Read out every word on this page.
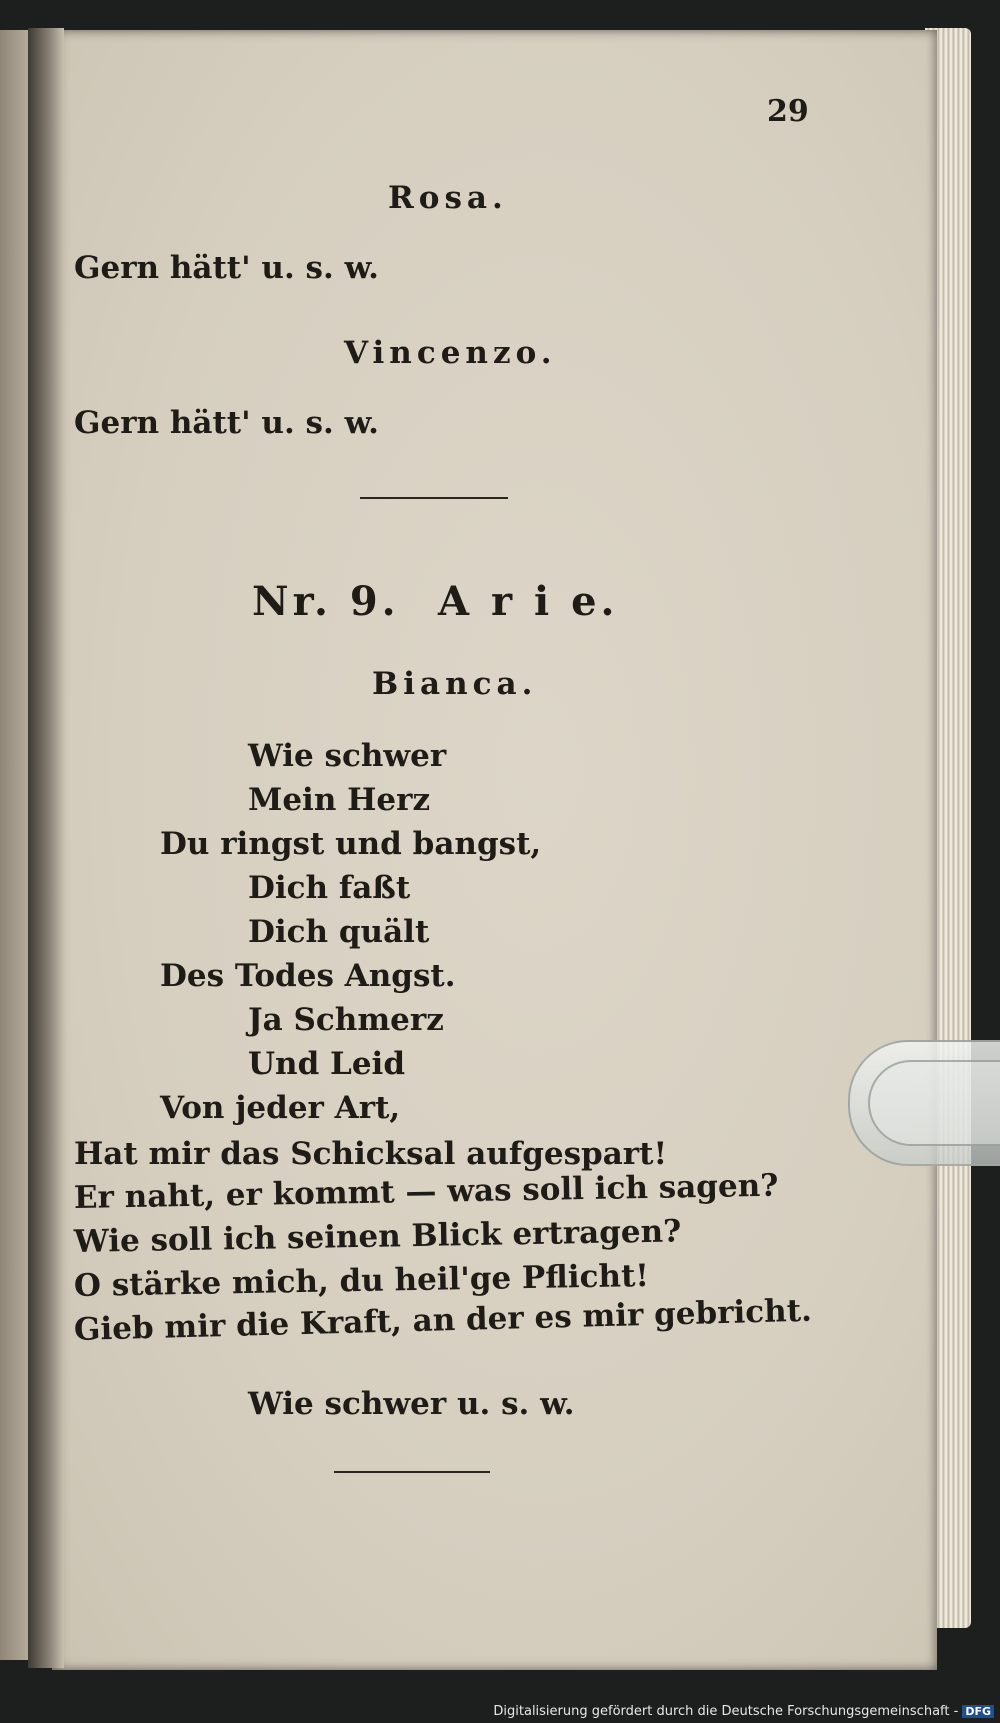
29
Rosa.
Gern hätt' u. s. w.
Vincenzo.
Gern hätt' u. s. w.
Nr. 9. A r i e.
Bianca.
Wie schwer
Mein Herz
Du ringst und bangst,
Dich faßt
Dich quält
Des Todes Angst.
Ja Schmerz
Und Leid
Von jeder Art,
Hat mir das Schicksal aufgespart!
Er naht, er kommt — was soll ich sagen?
Wie soll ich seinen Blick ertragen?
O stärke mich, du heil'ge Pflicht!
Gieb mir die Kraft, an der es mir gebricht.
Wie schwer u. s. w.
Digitalisierung gefördert durch die Deutsche Forschungsgemeinschaft - DFG
